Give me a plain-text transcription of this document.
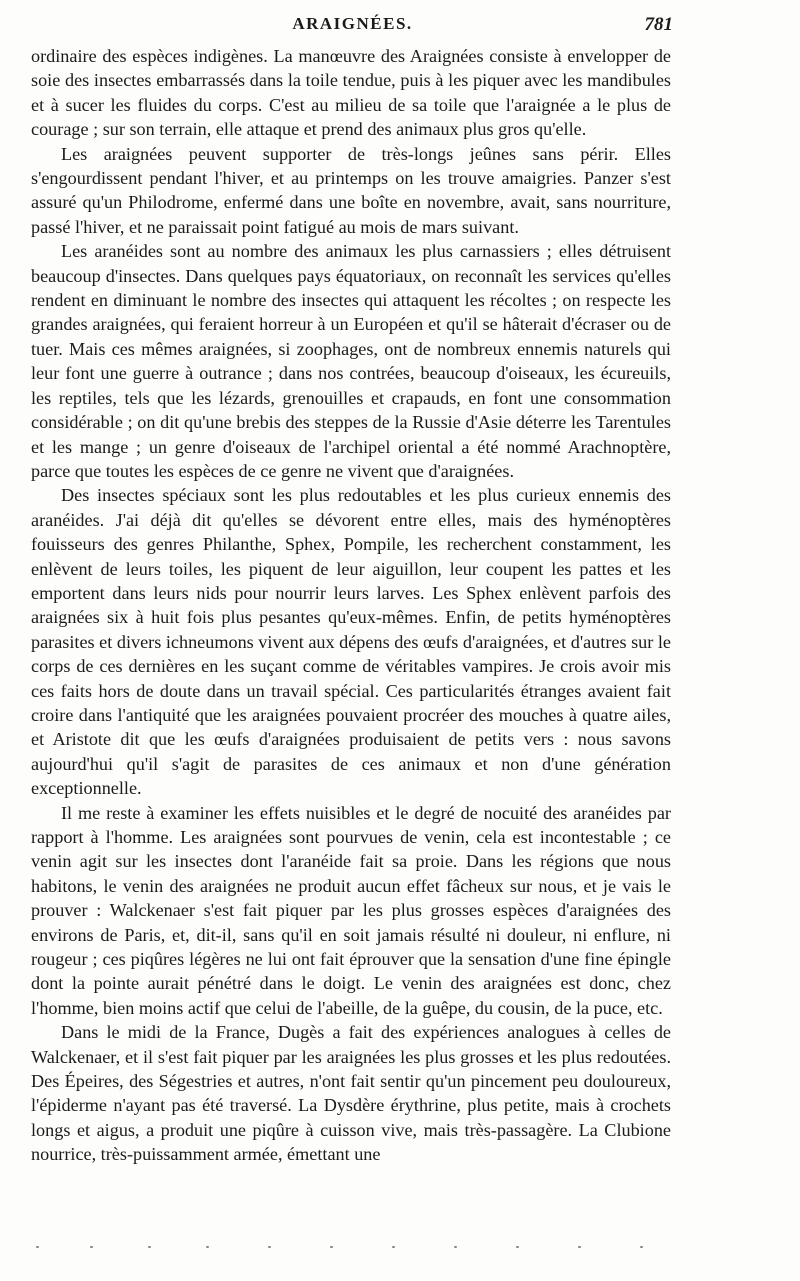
ARAIGNÉES.	781

ordinaire des espèces indigènes. La manœuvre des Araignées consiste à envelopper de soie des insectes embarrassés dans la toile tendue, puis à les piquer avec les mandibules et à sucer les fluides du corps. C'est au milieu de sa toile que l'araignée a le plus de courage ; sur son terrain, elle attaque et prend des animaux plus gros qu'elle.

Les araignées peuvent supporter de très-longs jeûnes sans périr. Elles s'engourdissent pendant l'hiver, et au printemps on les trouve amaigries. Panzer s'est assuré qu'un Philodrome, enfermé dans une boîte en novembre, avait, sans nourriture, passé l'hiver, et ne paraissait point fatigué au mois de mars suivant.

Les aranéides sont au nombre des animaux les plus carnassiers ; elles détruisent beaucoup d'insectes. Dans quelques pays équatoriaux, on reconnaît les services qu'elles rendent en diminuant le nombre des insectes qui attaquent les récoltes ; on respecte les grandes araignées, qui feraient horreur à un Européen et qu'il se hâterait d'écraser ou de tuer. Mais ces mêmes araignées, si zoophages, ont de nombreux ennemis naturels qui leur font une guerre à outrance ; dans nos contrées, beaucoup d'oiseaux, les écureuils, les reptiles, tels que les lézards, grenouilles et crapauds, en font une consommation considérable ; on dit qu'une brebis des steppes de la Russie d'Asie déterre les Tarentules et les mange ; un genre d'oiseaux de l'archipel oriental a été nommé Arachnoptère, parce que toutes les espèces de ce genre ne vivent que d'araignées.

Des insectes spéciaux sont les plus redoutables et les plus curieux ennemis des aranéides. J'ai déjà dit qu'elles se dévorent entre elles, mais des hyménoptères fouisseurs des genres Philanthe, Sphex, Pompile, les recherchent constamment, les enlèvent de leurs toiles, les piquent de leur aiguillon, leur coupent les pattes et les emportent dans leurs nids pour nourrir leurs larves. Les Sphex enlèvent parfois des araignées six à huit fois plus pesantes qu'eux-mêmes. Enfin, de petits hyménoptères parasites et divers ichneumons vivent aux dépens des œufs d'araignées, et d'autres sur le corps de ces dernières en les suçant comme de véritables vampires. Je crois avoir mis ces faits hors de doute dans un travail spécial. Ces particularités étranges avaient fait croire dans l'antiquité que les araignées pouvaient procréer des mouches à quatre ailes, et Aristote dit que les œufs d'araignées produisaient de petits vers : nous savons aujourd'hui qu'il s'agit de parasites de ces animaux et non d'une génération exceptionnelle.

Il me reste à examiner les effets nuisibles et le degré de nocuité des aranéides par rapport à l'homme. Les araignées sont pourvues de venin, cela est incontestable ; ce venin agit sur les insectes dont l'aranéide fait sa proie. Dans les régions que nous habitons, le venin des araignées ne produit aucun effet fâcheux sur nous, et je vais le prouver : Walckenaer s'est fait piquer par les plus grosses espèces d'araignées des environs de Paris, et, dit-il, sans qu'il en soit jamais résulté ni douleur, ni enflure, ni rougeur ; ces piqûres légères ne lui ont fait éprouver que la sensation d'une fine épingle dont la pointe aurait pénétré dans le doigt. Le venin des araignées est donc, chez l'homme, bien moins actif que celui de l'abeille, de la guêpe, du cousin, de la puce, etc.

Dans le midi de la France, Dugès a fait des expériences analogues à celles de Walckenaer, et il s'est fait piquer par les araignées les plus grosses et les plus redoutées. Des Épeires, des Ségestries et autres, n'ont fait sentir qu'un pincement peu douloureux, l'épiderme n'ayant pas été traversé. La Dysdère érythrine, plus petite, mais à crochets longs et aigus, a produit une piqûre à cuisson vive, mais très-passagère. La Clubione nourrice, très-puissamment armée, émettant une
